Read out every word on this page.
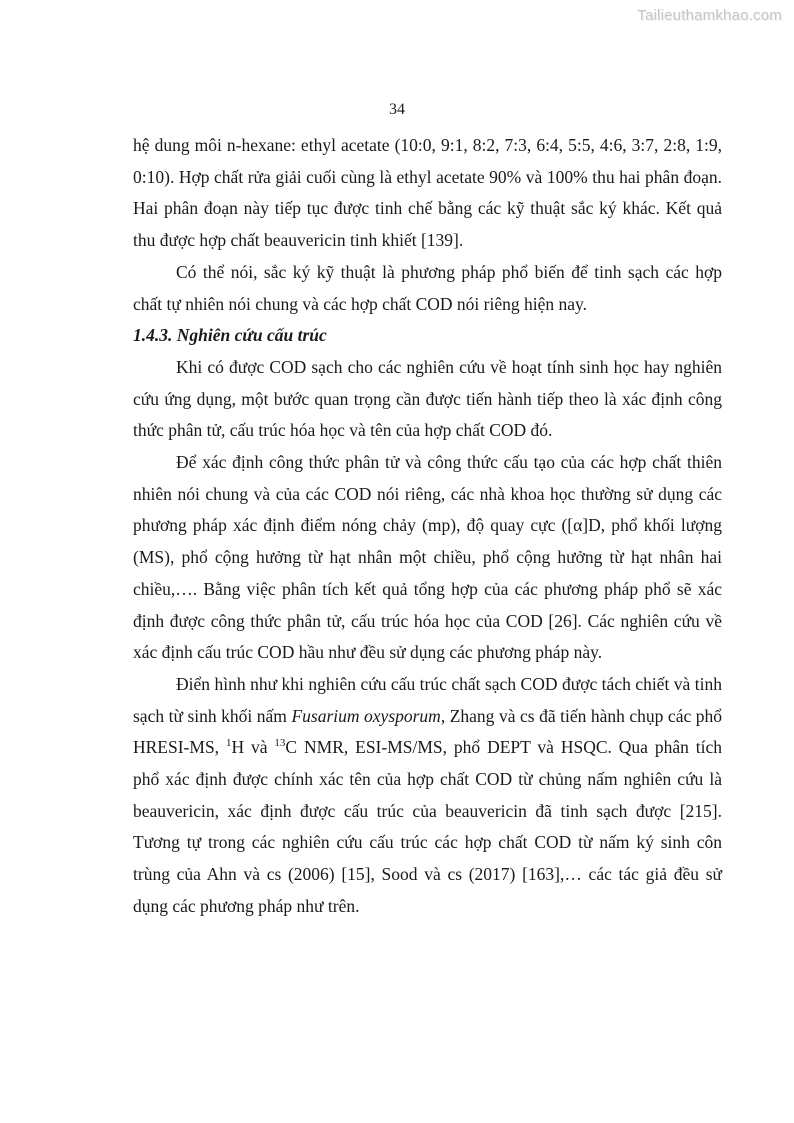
Tailieuthamkhao.com
34

hệ dung môi n-hexane: ethyl acetate (10:0, 9:1, 8:2, 7:3, 6:4, 5:5, 4:6, 3:7, 2:8, 1:9, 0:10). Hợp chất rửa giải cuối cùng là ethyl acetate 90% và 100% thu hai phân đoạn. Hai phân đoạn này tiếp tục được tinh chế bằng các kỹ thuật sắc ký khác. Kết quả thu được hợp chất beauvericin tinh khiết [139].

Có thể nói, sắc ký kỹ thuật là phương pháp phổ biến để tinh sạch các hợp chất tự nhiên nói chung và các hợp chất COD nói riêng hiện nay.

1.4.3. Nghiên cứu cấu trúc

Khi có được COD sạch cho các nghiên cứu về hoạt tính sinh học hay nghiên cứu ứng dụng, một bước quan trọng cần được tiến hành tiếp theo là xác định công thức phân tử, cấu trúc hóa học và tên của hợp chất COD đó.

Để xác định công thức phân tử và công thức cấu tạo của các hợp chất thiên nhiên nói chung và của các COD nói riêng, các nhà khoa học thường sử dụng các phương pháp xác định điểm nóng chảy (mp), độ quay cực ([α]D, phổ khối lượng (MS), phổ cộng hưởng từ hạt nhân một chiều, phổ cộng hưởng từ hạt nhân hai chiều,…. Bằng việc phân tích kết quả tổng hợp của các phương pháp phổ sẽ xác định được công thức phân tử, cấu trúc hóa học của COD [26]. Các nghiên cứu về xác định cấu trúc COD hầu như đều sử dụng các phương pháp này.

Điển hình như khi nghiên cứu cấu trúc chất sạch COD được tách chiết và tinh sạch từ sinh khối nấm Fusarium oxysporum, Zhang và cs đã tiến hành chụp các phổ HRESI-MS, $^1$H và $^{13}$C NMR, ESI-MS/MS, phổ DEPT và HSQC. Qua phân tích phổ xác định được chính xác tên của hợp chất COD từ chủng nấm nghiên cứu là beauvericin, xác định được cấu trúc của beauvericin đã tinh sạch được [215]. Tương tự trong các nghiên cứu cấu trúc các hợp chất COD từ nấm ký sinh côn trùng của Ahn và cs (2006) [15], Sood và cs (2017) [163],… các tác giả đều sử dụng các phương pháp như trên.
